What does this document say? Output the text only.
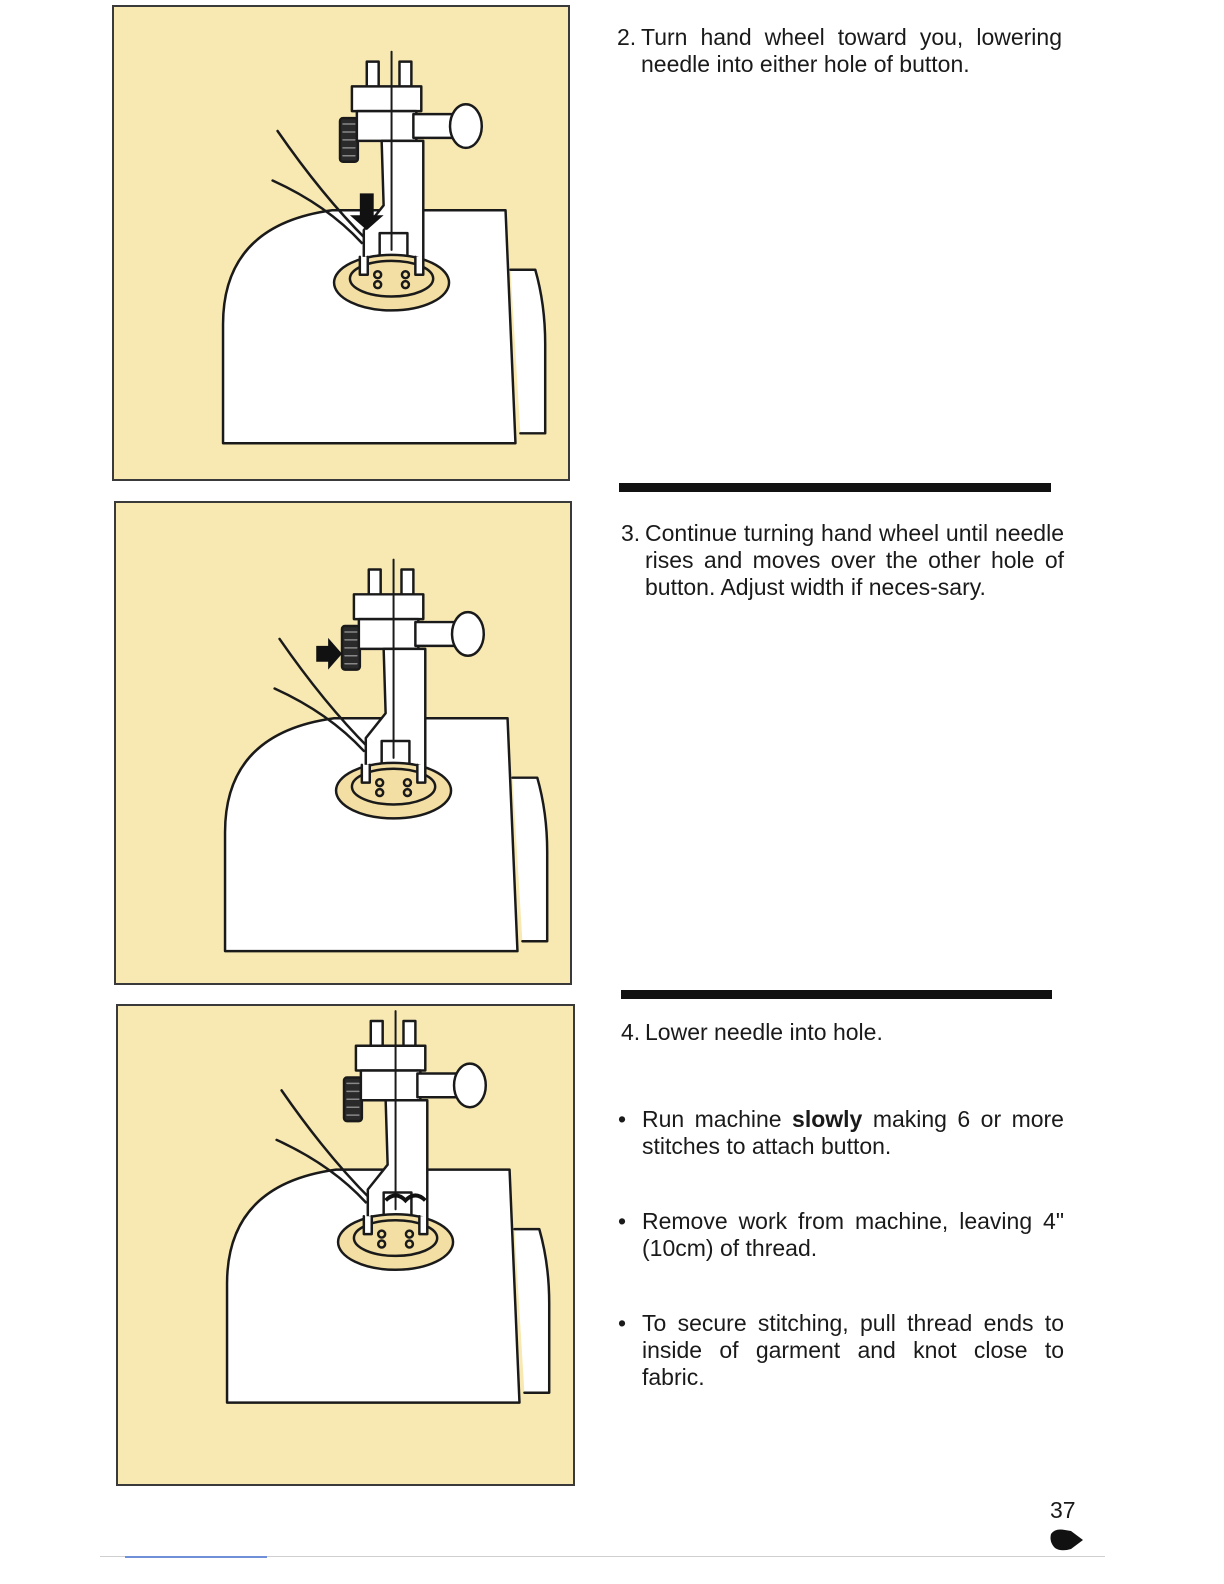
2. Turn hand wheel toward you, lowering needle into either hole of button.
3. Continue turning hand wheel until needle rises and moves over the other hole of button. Adjust width if neces-sary.
4. Lower needle into hole.
• Run machine slowly making 6 or more stitches to attach button.
• Remove work from machine, leaving 4" (10cm) of thread.
• To secure stitching, pull thread ends to inside of garment and knot close to fabric.
37
